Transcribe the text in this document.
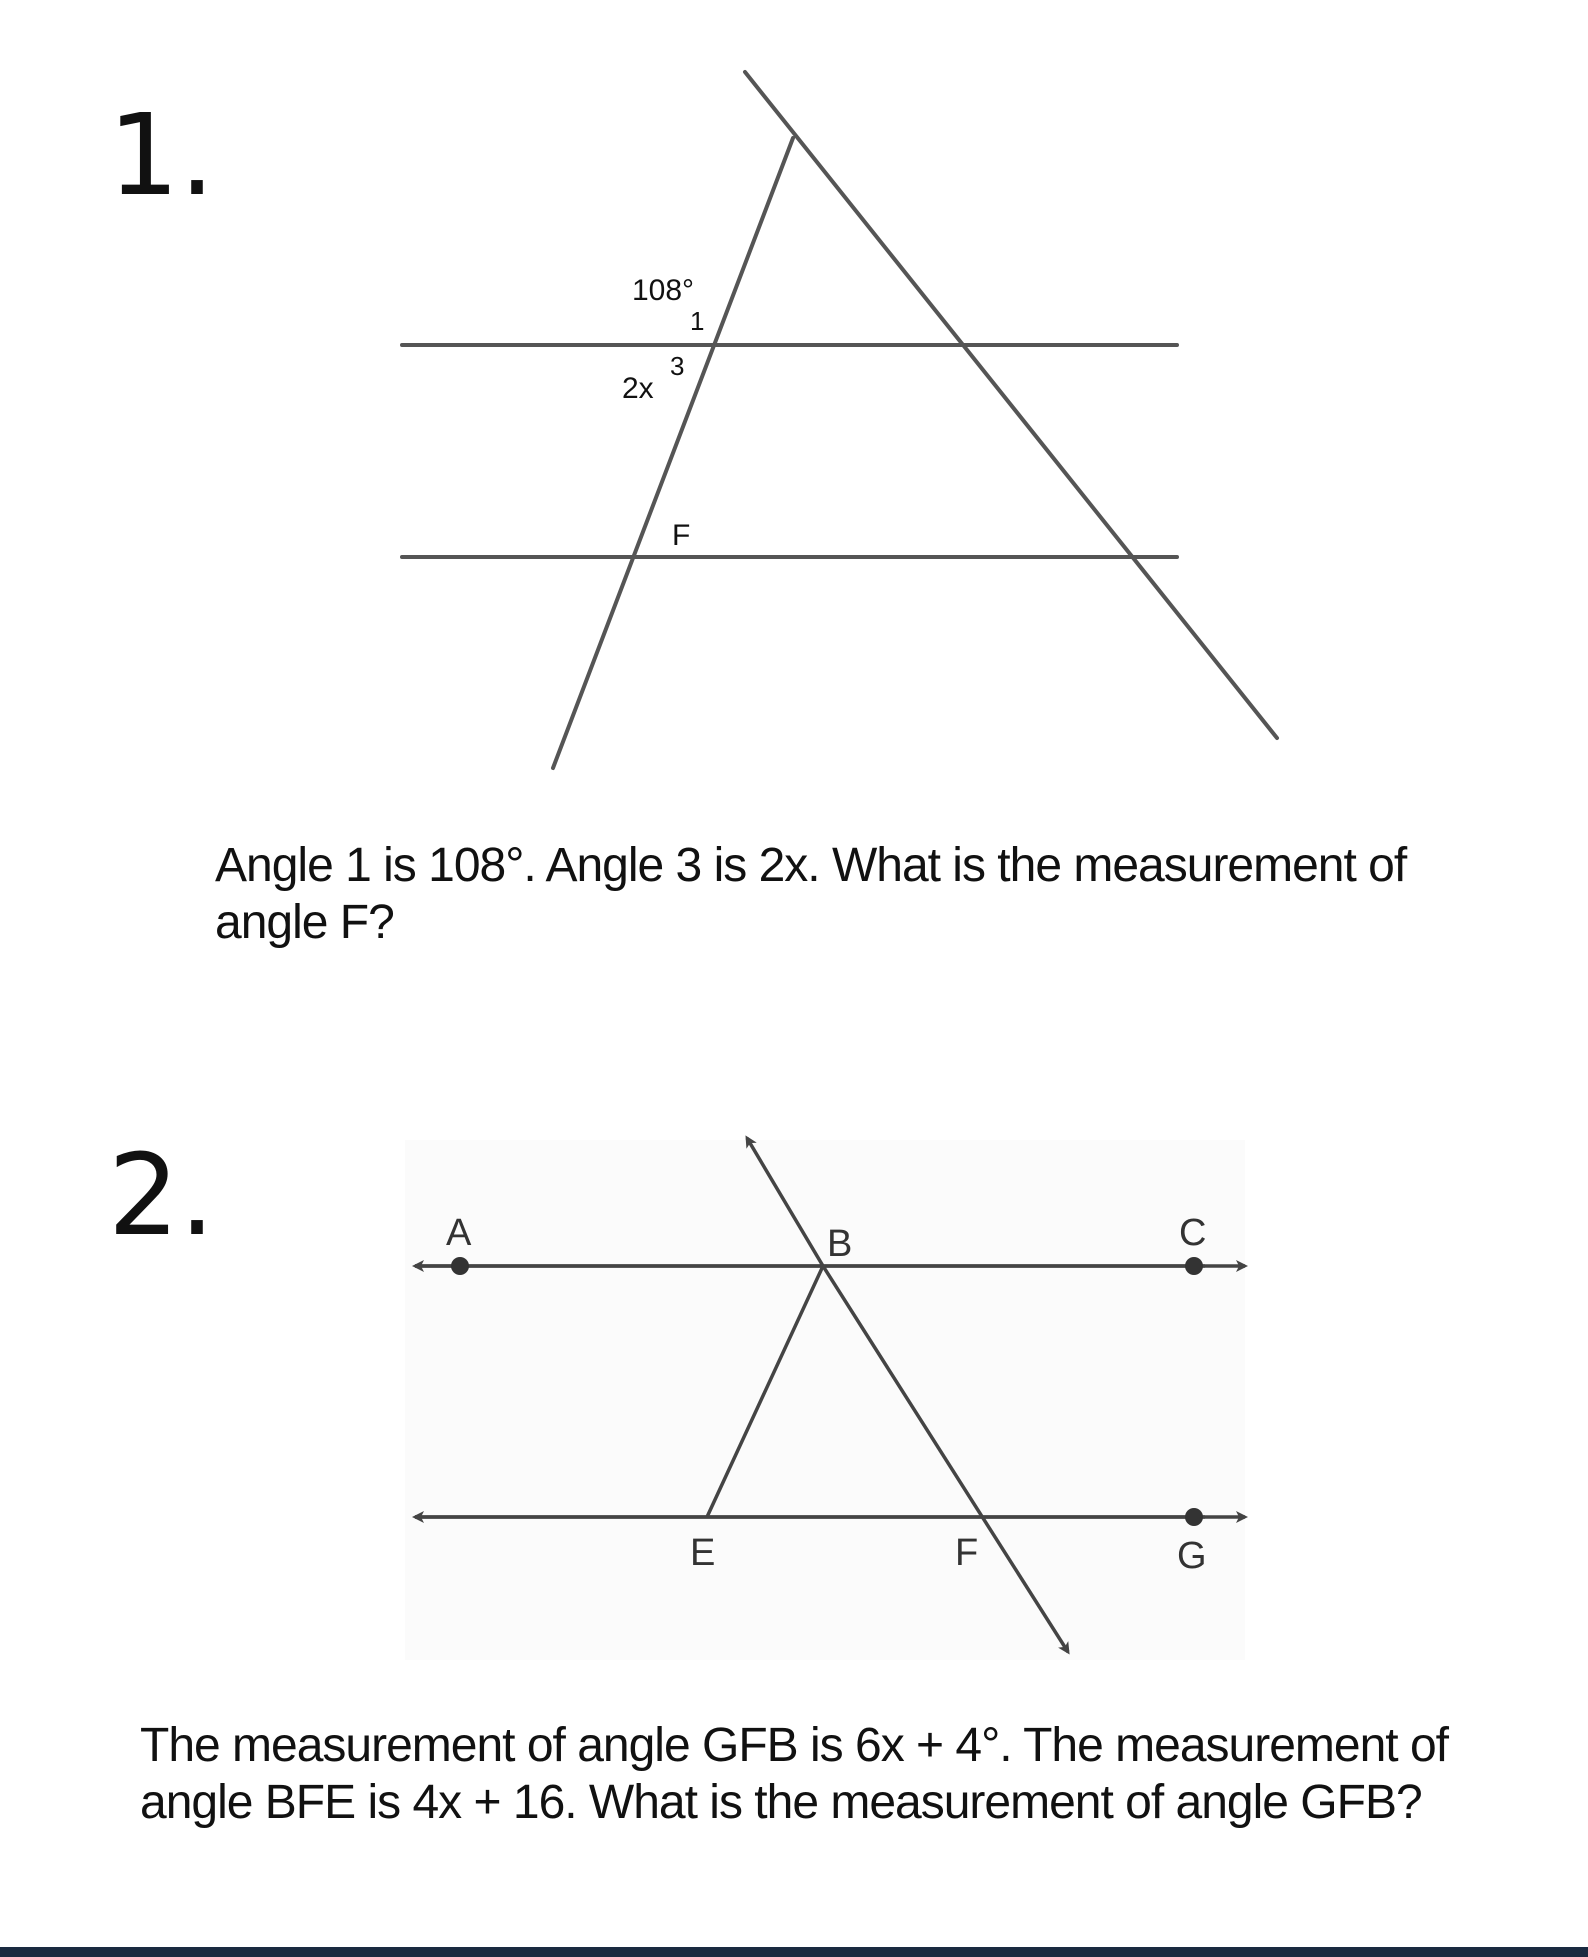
1.
108°
1
3
2x
F
Angle 1 is 108°. Angle 3 is 2x. What is the measurement of angle F?
2.	A	B	C
E	F	G
The measurement of angle GFB is 6x + 4°. The measurement of angle BFE is 4x + 16. What is the measurement of angle GFB?
